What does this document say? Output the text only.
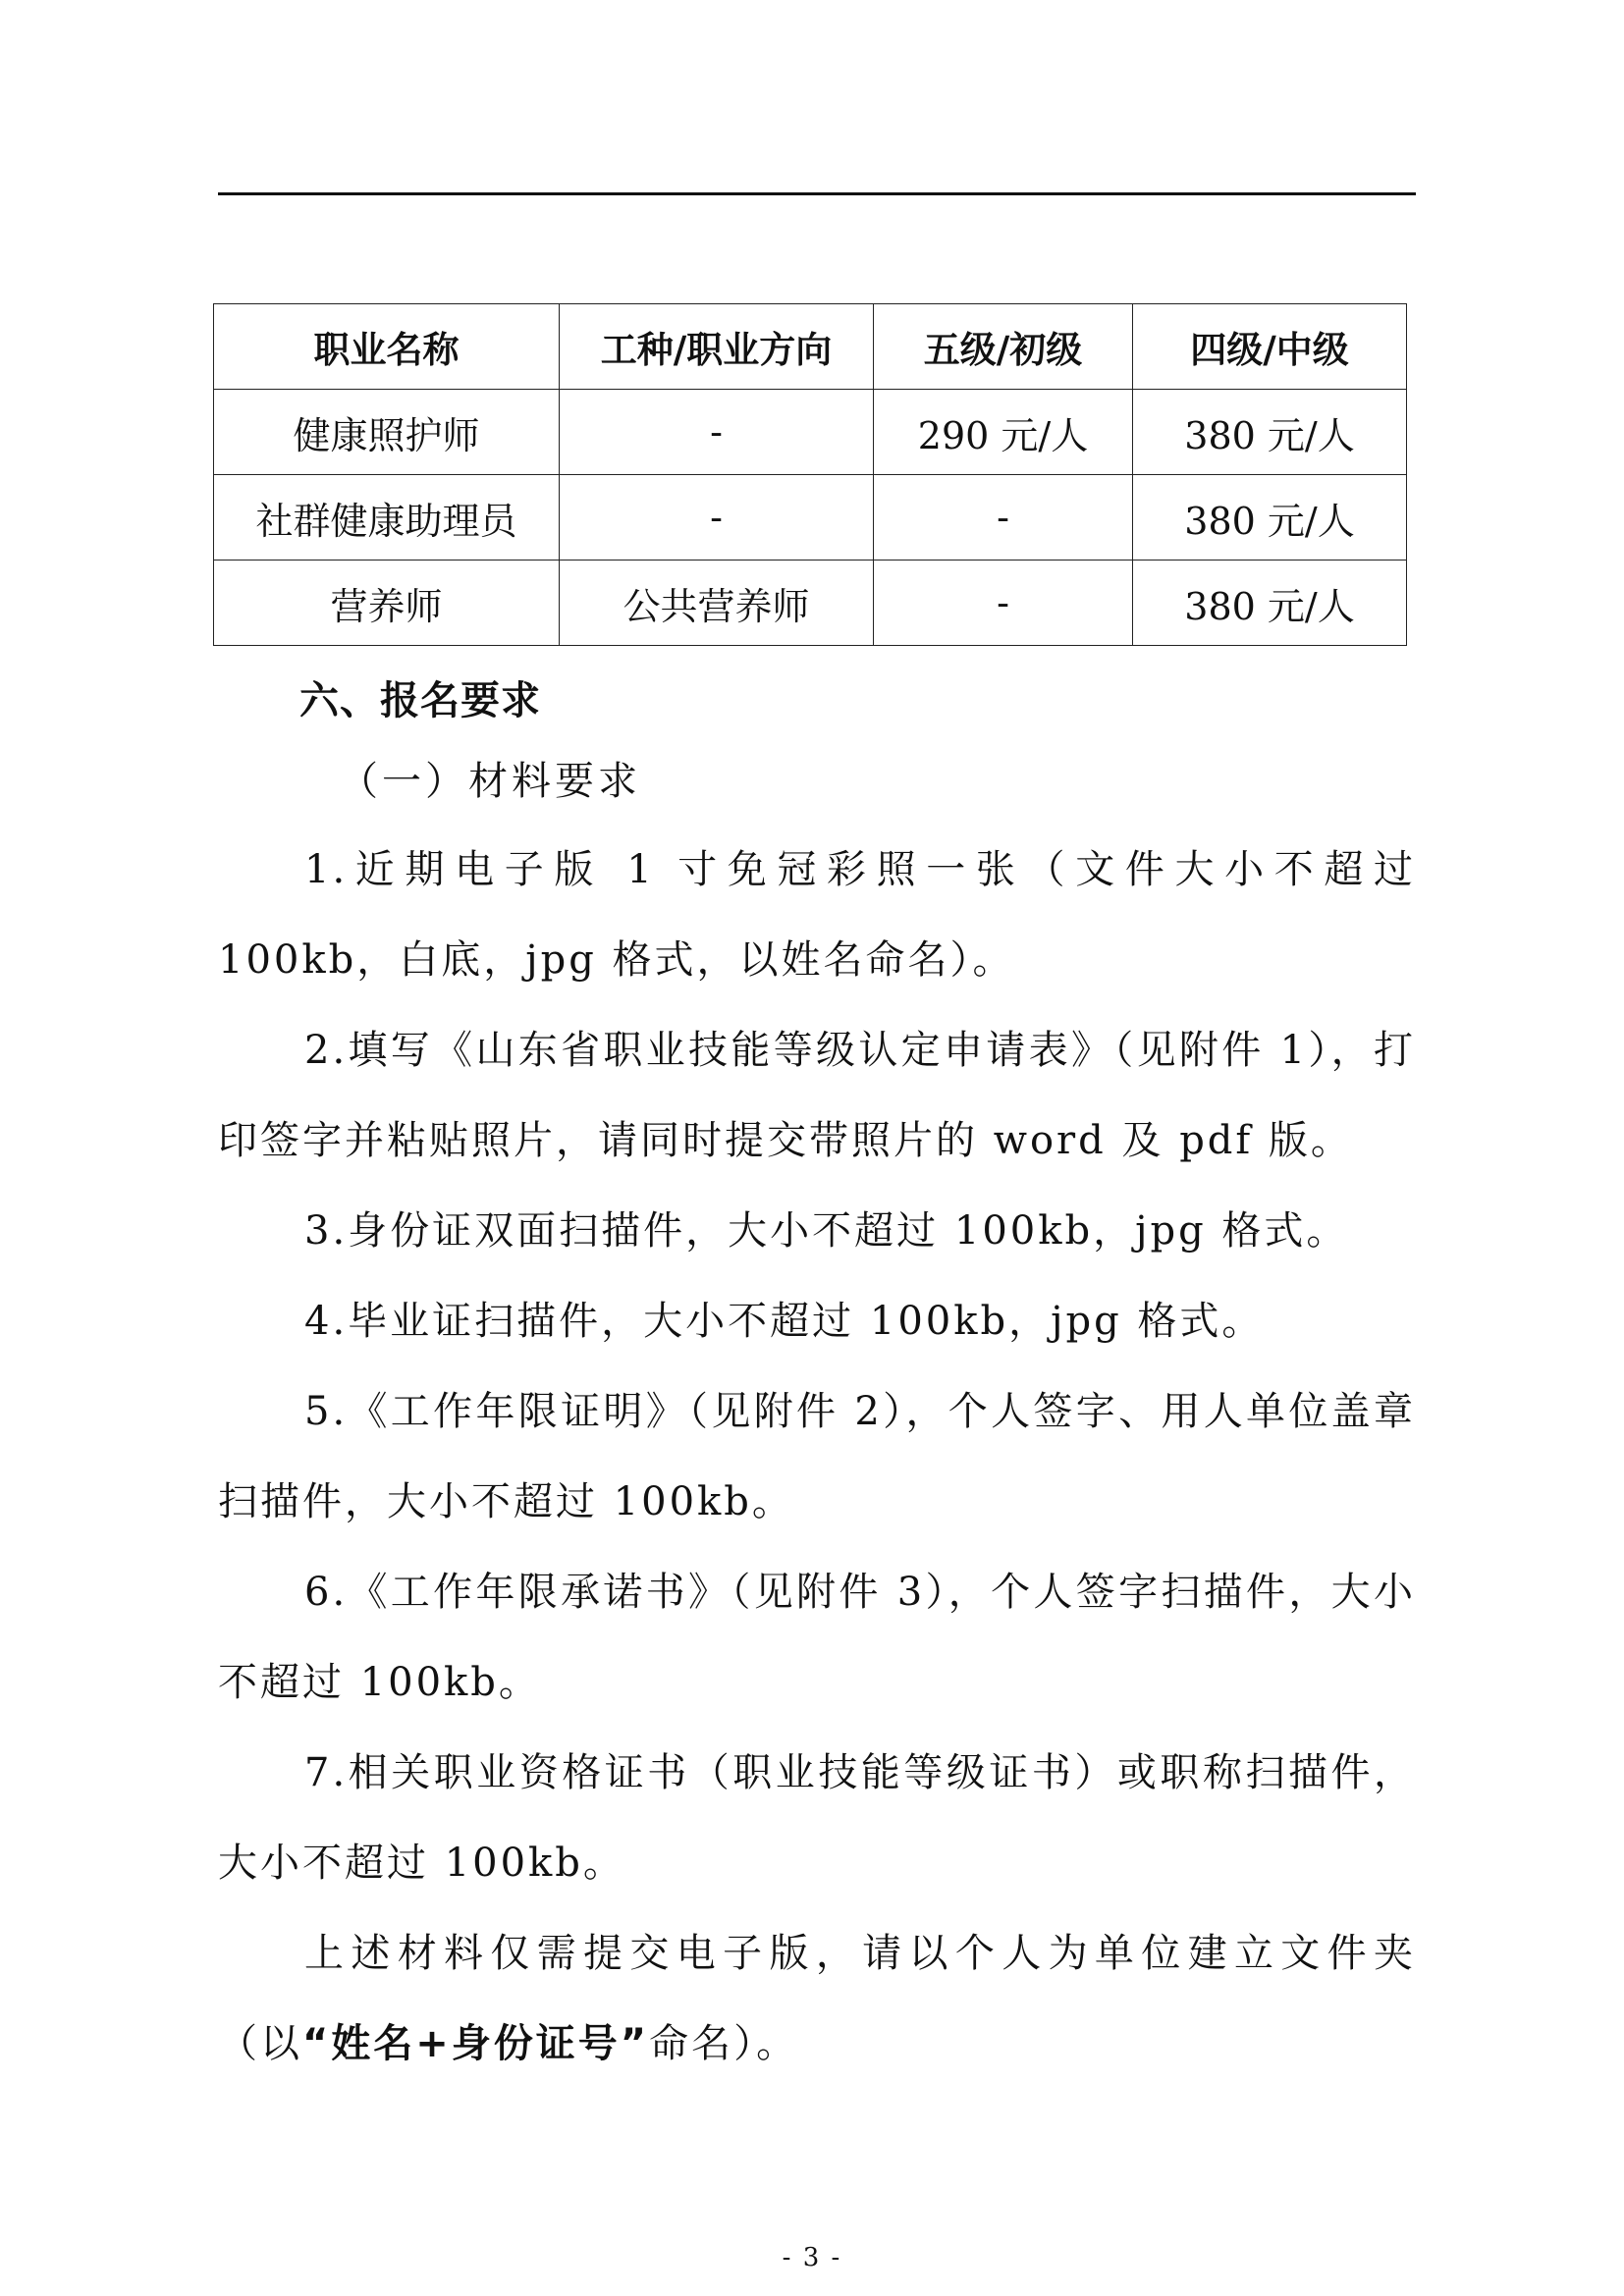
职业名称	工种/职业方向	五级/初级	四级/中级
健康照护师	-	290 元/人	380 元/人
社群健康助理员	-	-	380 元/人
营养师	公共营养师	-	380 元/人
六、报名要求
（一）材料要求

1.近期电子版 1 寸免冠彩照一张（文件大小不超过 100kb，白底，jpg 格式，以姓名命名）。

2.填写《山东省职业技能等级认定申请表》（见附件 1），打印签字并粘贴照片，请同时提交带照片的 word 及 pdf 版。

3.身份证双面扫描件，大小不超过 100kb，jpg 格式。

4.毕业证扫描件，大小不超过 100kb，jpg 格式。

5.《工作年限证明》（见附件 2），个人签字、用人单位盖章扫描件，大小不超过 100kb。

6.《工作年限承诺书》（见附件 3），个人签字扫描件，大小不超过 100kb。

7.相关职业资格证书（职业技能等级证书）或职称扫描件，大小不超过 100kb。

上述材料仅需提交电子版，请以个人为单位建立文件夹（以“姓名+身份证号”命名）。

- 3 -
